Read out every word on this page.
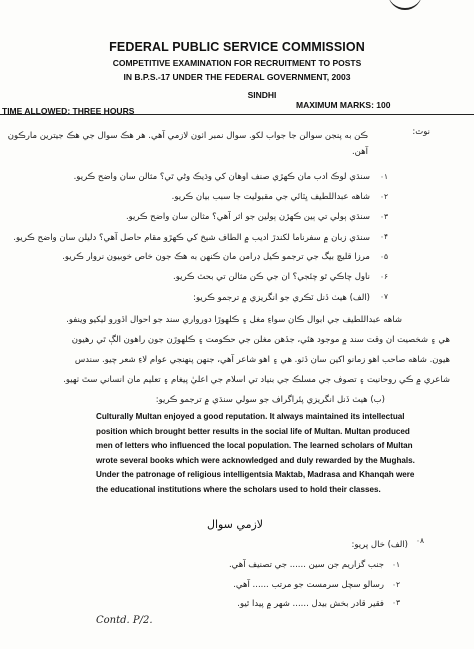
FEDERAL PUBLIC SERVICE COMMISSION
COMPETITIVE EXAMINATION FOR RECRUITMENT TO POSTS
IN B.P.S.-17 UNDER THE FEDERAL GOVERNMENT, 2003
SINDHI
TIME ALLOWED: THREE HOURS
MAXIMUM MARKS: 100
نوٽ:
ڪن به پنجن سوالن جا جواب لکو. سوال نمبر اٺون لازمي آهي. هر هڪ سوال جي هڪ جيترين مارڪون
آهن.
۰۱
سنڌي لوڪ ادب مان ڪهڙي صنف اوهان کي وڌيڪ وڻي ٿي؟ مثالن سان واضح ڪريو.
۰۲
شاهه عبداللطيف ڀٽائي جي مقبوليت جا سبب بيان ڪريو.
۰۳
سنڌي ٻولي تي ٻين ڪهڙن ٻولين جو اثر آهي؟ مثالن سان واضح ڪريو.
۰۴
سنڌي زبان ۾ سفرناما لکندڙ اديب ۾ الطاف شيخ کي ڪهڙو مقام حاصل آهي؟ دليلن سان واضح ڪريو.
۰۵
مرزا قليچ بيگ جي ترجمو ڪيل ڊرامن مان ڪنهن به هڪ جون خاص خوبيون نروار ڪريو.
۰۶
ناول چاڪي ٿو چئجي؟ ان جي ڪن مثالن تي بحث ڪريو.
۰۷
(الف) هيٺ ڏنل ٽڪري جو انگريزي ۾ ترجمو ڪريو:
شاهه عبداللطيف جي ابوال ڪان سواءِ مغل ۽ ڪلهوڙا دورواري سند جو احوال اڏورو ليکيو وينفو.
هي ۽ شخصيت ان وقت سند ۾ موجود هئي، جڏهن مغلن جي حڪومت ۽ ڪلهوڙن جون راهون الڳ ٿي رهيون
هيون. شاهه صاحب اهو زمانو اکين سان ڏٺو. هي ۽ اهو شاعر آهي، جنهن پنهنجي عوام لاءِ شعر چيو. سندس
شاعري ۾ ڪي روحانيت ۽ تصوف جي مسلڪ جي بنياد تي اسلام جي اعليٰ پيغام ۽ تعليم مان انساني سٿ ٺهيو.
(ب) هيٺ ڏنل انگريزي پئراگراف جو سولي سنڌي ۾ ترجمو ڪريو:

Culturally Multan enjoyed a good reputation. It always maintained its intellectual

position which brought better results in the social life of Multan. Multan produced

men of letters who influenced the local population. The learned scholars of Multan

wrote several books which were acknowledged and duly rewarded by the Mughals.

Under the patronage of religious intelligentsia Maktab, Madrasa and Khanqah were

the educational institutions where the scholars used to hold their classes.

لازمي سوال
۰۸
(الف) خال پريو:
۰۱
جنب گزاريم جن سين ...... جي تصنيف آهي.
۰۲
رسالو سچل سرمست جو مرتب ...... آهي.
۰۳
فقير قادر بخش بيدل ...... شهر ۾ پيدا ٿيو.
Contd. P/2.
